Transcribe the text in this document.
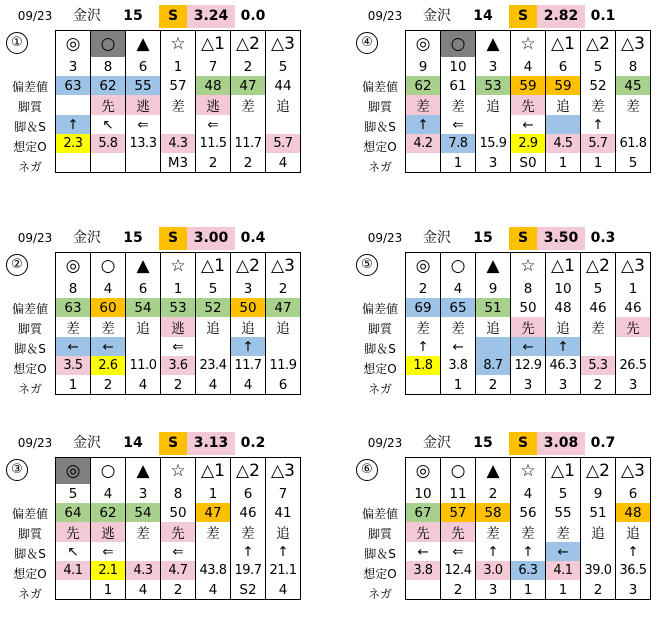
09/23	金沢	15	S	3.24 0.0
①
偏差値
脚質
脚＆S
想定O
ネガ
◎	○	▲	☆	△1	△2	△3
3	8	6	1	7	2	5
63	62	55	57	48	47	44
	先	逃	差	逃	差	追
↑	↖	⇐		⇐		
2.3	5.8	13.3	4.3	11.5	11.7	5.7
			M3	2	2	4
09/23	金沢	14	S	2.82 0.1
④
偏差値
脚質
脚＆S
想定O
ネガ
◎	○	▲	☆	△1	△2	△3
9	10	3	4	6	5	8
62	61	53	59	59	52	45
差	差	追	先	追	差	差
↑	⇐		←		↑	
4.2	7.8	15.9	2.9	4.5	5.7	61.8
	1	3	S0	1	1	5
09/23	金沢	15	S	3.00 0.4
②
偏差値
脚質
脚＆S
想定O
ネガ
◎	○	▲	☆	△1	△2	△3
8	4	6	1	5	3	2
63	60	54	53	52	50	47
差	差	追	逃	追	追	追
←	←		⇐		↑	
3.5	2.6	11.0	3.6	23.4	11.7	11.9
1	2	4	2	4	4	6
09/23	金沢	15	S	3.50 0.3
⑤
偏差値
脚質
脚＆S
想定O
ネガ
◎	○	▲	☆	△1	△2	△3
2	4	9	8	10	5	1
69	65	51	50	48	46	46
差	差	追	先	追	差	先
↑	←		←	↑		
1.8	3.8	8.7	12.9	46.3	5.3	26.5
	1	2	3	3	2	3
09/23	金沢	14	S	3.13 0.2
③
偏差値
脚質
脚＆S
想定O
ネガ
◎	○	▲	☆	△1	△2	△3
5	4	3	8	1	6	7
64	62	54	50	47	46	41
先	逃	差	先	差	差	追
↖	⇐		⇐		↑	↑
4.1	2.1	4.3	4.7	43.8	19.7	21.1
	1	4	2	4	S2	4
09/23	金沢	15	S	3.08 0.7
⑥
偏差値
脚質
脚＆S
想定O
ネガ
◎	○	▲	☆	△1	△2	△3
10	11	2	4	5	9	6
67	57	58	56	55	51	48
先	先	差	差	差	追	追
←	⇐	↑	↑	←		↑
3.8	12.4	3.0	6.3	4.1	39.0	36.5
	2	3	1	1	2	3
